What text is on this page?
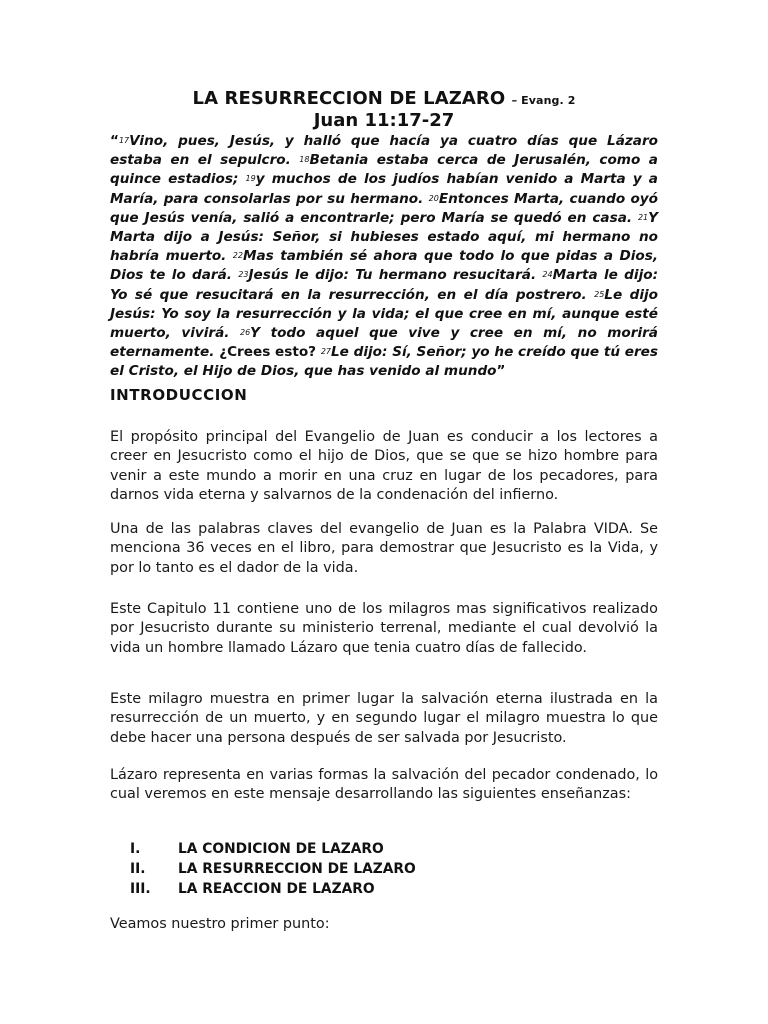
LA RESURRECCION DE LAZARO – Evang. 2
Juan 11:17-27
“$^{17}$Vino, pues, Jesús, y halló que hacía ya cuatro días que Lázaro estaba en el sepulcro. $^{18}$Betania estaba cerca de Jerusalén, como a quince estadios; $^{19}$y muchos de los judíos habían venido a Marta y a María, para consolarlas por su hermano. $^{20}$Entonces Marta, cuando oyó que Jesús venía, salió a encontrarle; pero María se quedó en casa. $^{21}$Y Marta dijo a Jesús: Señor, si hubieses estado aquí, mi hermano no habría muerto. $^{22}$Mas también sé ahora que todo lo que pidas a Dios, Dios te lo dará. $^{23}$Jesús le dijo: Tu hermano resucitará. $^{24}$Marta le dijo: Yo sé que resucitará en la resurrección, en el día postrero. $^{25}$Le dijo Jesús: Yo soy la resurrección y la vida; el que cree en mí, aunque esté muerto, vivirá. $^{26}$Y todo aquel que vive y cree en mí, no morirá eternamente. ¿Crees esto? $^{27}$Le dijo: Sí, Señor; yo he creído que tú eres el Cristo, el Hijo de Dios, que has venido al mundo”
INTRODUCCION
El propósito principal del Evangelio de Juan es conducir a los lectores a creer en Jesucristo como el hijo de Dios, que se que se hizo hombre para venir a este mundo a morir en una cruz en lugar de los pecadores, para darnos vida eterna y salvarnos de la condenación del infierno.
Una de las palabras claves del evangelio de Juan es la Palabra VIDA. Se menciona 36 veces en el libro, para demostrar que Jesucristo es la Vida, y por lo tanto es el dador de la vida.
Este Capitulo 11 contiene uno de los milagros mas significativos realizado por Jesucristo durante su ministerio terrenal, mediante el cual devolvió la vida un hombre llamado Lázaro que tenia cuatro días de fallecido.
Este milagro muestra en primer lugar la salvación eterna ilustrada en la resurrección de un muerto, y en segundo lugar el milagro muestra lo que debe hacer una persona después de ser salvada por Jesucristo.
Lázaro representa en varias formas la salvación del pecador condenado, lo cual veremos en este mensaje desarrollando las siguientes enseñanzas:
I.	LA CONDICION DE LAZARO
II.	LA RESURRECCION DE LAZARO
III.	LA REACCION DE LAZARO
Veamos nuestro primer punto:
